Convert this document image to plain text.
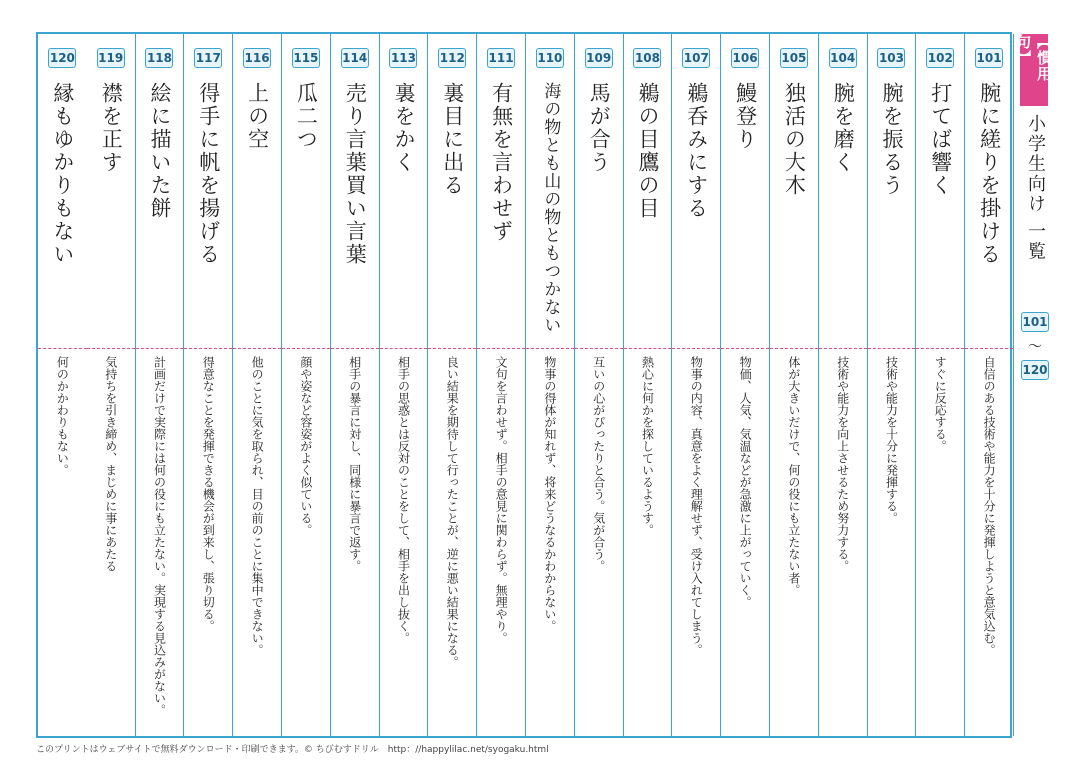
101
腕に縒りを掛ける
自信のある技術や能力を十分に発揮しようと意気込む。
102
打てば響く
すぐに反応する。
103
腕を振るう
技術や能力を十分に発揮する。
104
腕を磨く
技術や能力を向上させるため努力する。
105
独活の大木
体が大きいだけで、何の役にも立たない者。
106
鰻登り
物価、人気、気温などが急激に上がっていく。
107
鵜呑みにする
物事の内容、真意をよく理解せず、受け入れてしまう。
108
鵜の目鷹の目
熱心に何かを探しているようす。
109
馬が合う
互いの心がぴったりと合う。気が合う。
110
海の物とも山の物ともつかない
物事の得体が知れず、将来どうなるかわからない。
111
有無を言わせず
文句を言わせず。相手の意見に関わらず。無理やり。
112
裏目に出る
良い結果を期待して行ったことが、逆に悪い結果になる。
113
裏をかく
相手の思惑とは反対のことをして、相手を出し抜く。
114
売り言葉買い言葉
相手の暴言に対し、同様に暴言で返す。
115
瓜二つ
顔や姿など容姿がよく似ている。
116
上の空
他のことに気を取られ、目の前のことに集中できない。
117
得手に帆を揚げる
得意なことを発揮できる機会が到来し、張り切る。
118
絵に描いた餅
計画だけで実際には何の役にも立たない。実現する見込みがない。
119
襟を正す
気持ちを引き締め、まじめに事にあたる
120
縁もゆかりもない
何のかかわりもない。
【慣用句】
小学生向け 一覧
101
～
120
このプリントはウェブサイトで無料ダウンロード・印刷できます。© ちびむすドリル　http：//happylilac.net/syogaku.html
